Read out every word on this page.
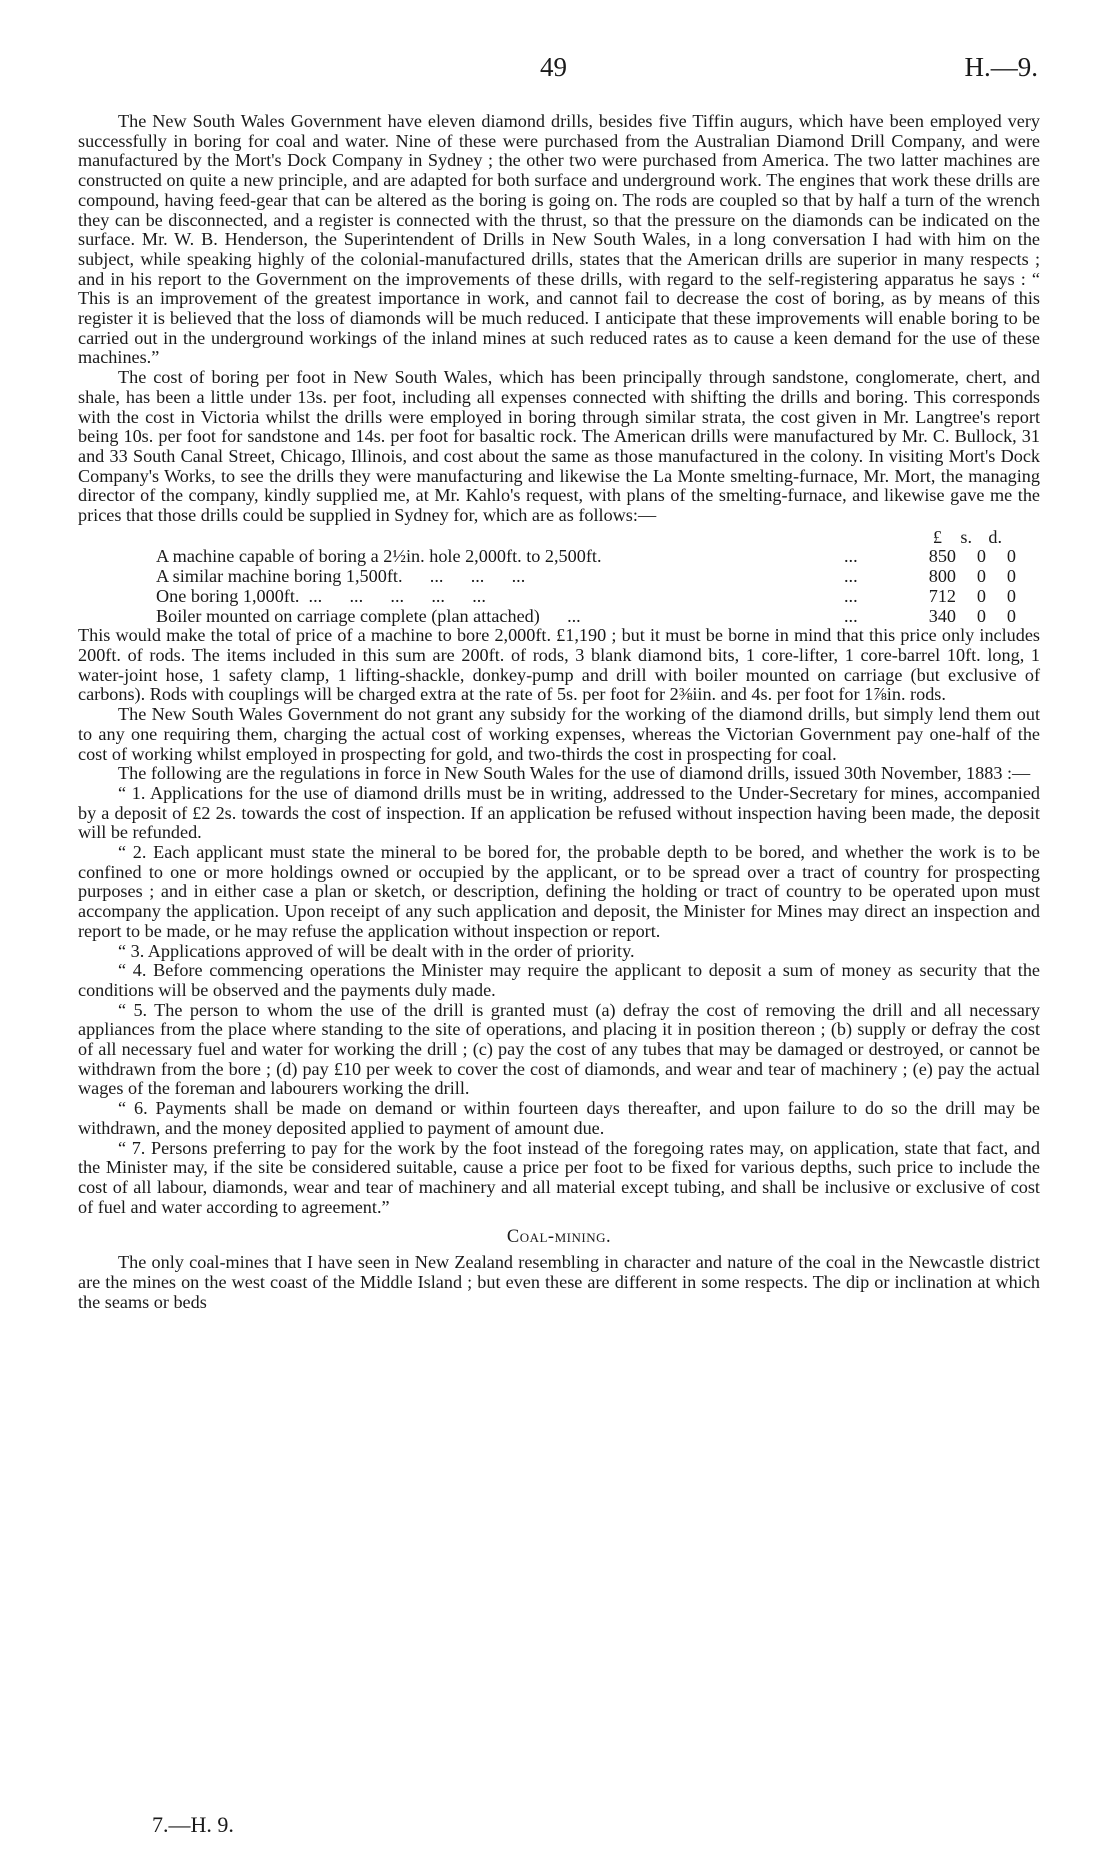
49	H.—9.

The New South Wales Government have eleven diamond drills, besides five Tiffin augurs, which have been employed very successfully in boring for coal and water. Nine of these were purchased from the Australian Diamond Drill Company, and were manufactured by the Mort's Dock Company in Sydney ; the other two were purchased from America. The two latter machines are constructed on quite a new principle, and are adapted for both surface and underground work. The engines that work these drills are compound, having feed-gear that can be altered as the boring is going on. The rods are coupled so that by half a turn of the wrench they can be disconnected, and a register is connected with the thrust, so that the pressure on the diamonds can be indicated on the surface. Mr. W. B. Henderson, the Superintendent of Drills in New South Wales, in a long conversation I had with him on the subject, while speaking highly of the colonial-manufactured drills, states that the American drills are superior in many respects ; and in his report to the Government on the improvements of these drills, with regard to the self-registering apparatus he says : “ This is an improvement of the greatest importance in work, and cannot fail to decrease the cost of boring, as by means of this register it is believed that the loss of diamonds will be much reduced. I anticipate that these improvements will enable boring to be carried out in the underground workings of the inland mines at such reduced rates as to cause a keen demand for the use of these machines.”

The cost of boring per foot in New South Wales, which has been principally through sandstone, conglomerate, chert, and shale, has been a little under 13s. per foot, including all expenses connected with shifting the drills and boring. This corresponds with the cost in Victoria whilst the drills were employed in boring through similar strata, the cost given in Mr. Langtree's report being 10s. per foot for sandstone and 14s. per foot for basaltic rock. The American drills were manufactured by Mr. C. Bullock, 31 and 33 South Canal Street, Chicago, Illinois, and cost about the same as those manufactured in the colony. In visiting Mort's Dock Company's Works, to see the drills they were manufacturing and likewise the La Monte smelting-furnace, Mr. Mort, the managing director of the company, kindly supplied me, at Mr. Kahlo's request, with plans of the smelting-furnace, and likewise gave me the prices that those drills could be supplied in Sydney for, which are as follows:—

£	s. d.
A machine capable of boring a 2½in. hole 2,000ft. to 2,500ft.	...	850	0	0
A similar machine boring 1,500ft.      ...      ...      ...	...	800	0	0
One boring 1,000ft.  ...      ...      ...      ...      ...	...	712	0	0
Boiler mounted on carriage complete (plan attached)      ...	...	340	0	0

This would make the total of price of a machine to bore 2,000ft. £1,190 ; but it must be borne in mind that this price only includes 200ft. of rods. The items included in this sum are 200ft. of rods, 3 blank diamond bits, 1 core-lifter, 1 core-barrel 10ft. long, 1 water-joint hose, 1 safety clamp, 1 lifting-shackle, donkey-pump and drill with boiler mounted on carriage (but exclusive of carbons). Rods with couplings will be charged extra at the rate of 5s. per foot for 2⅜iin. and 4s. per foot for 1⅞in. rods.

The New South Wales Government do not grant any subsidy for the working of the diamond drills, but simply lend them out to any one requiring them, charging the actual cost of working expenses, whereas the Victorian Government pay one-half of the cost of working whilst employed in prospecting for gold, and two-thirds the cost in prospecting for coal.

The following are the regulations in force in New South Wales for the use of diamond drills, issued 30th November, 1883 :—

“ 1. Applications for the use of diamond drills must be in writing, addressed to the Under-Secretary for mines, accompanied by a deposit of £2 2s. towards the cost of inspection. If an application be refused without inspection having been made, the deposit will be refunded.

“ 2. Each applicant must state the mineral to be bored for, the probable depth to be bored, and whether the work is to be confined to one or more holdings owned or occupied by the applicant, or to be spread over a tract of country for prospecting purposes ; and in either case a plan or sketch, or description, defining the holding or tract of country to be operated upon must accompany the application. Upon receipt of any such application and deposit, the Minister for Mines may direct an inspection and report to be made, or he may refuse the application without inspection or report.

“ 3. Applications approved of will be dealt with in the order of priority.

“ 4. Before commencing operations the Minister may require the applicant to deposit a sum of money as security that the conditions will be observed and the payments duly made.

“ 5. The person to whom the use of the drill is granted must (a) defray the cost of removing the drill and all necessary appliances from the place where standing to the site of operations, and placing it in position thereon ; (b) supply or defray the cost of all necessary fuel and water for working the drill ; (c) pay the cost of any tubes that may be damaged or destroyed, or cannot be withdrawn from the bore ; (d) pay £10 per week to cover the cost of diamonds, and wear and tear of machinery ; (e) pay the actual wages of the foreman and labourers working the drill.

“ 6. Payments shall be made on demand or within fourteen days thereafter, and upon failure to do so the drill may be withdrawn, and the money deposited applied to payment of amount due.

“ 7. Persons preferring to pay for the work by the foot instead of the foregoing rates may, on application, state that fact, and the Minister may, if the site be considered suitable, cause a price per foot to be fixed for various depths, such price to include the cost of all labour, diamonds, wear and tear of machinery and all material except tubing, and shall be inclusive or exclusive of cost of fuel and water according to agreement.”

Coal-mining.

The only coal-mines that I have seen in New Zealand resembling in character and nature of the coal in the Newcastle district are the mines on the west coast of the Middle Island ; but even these are different in some respects. The dip or inclination at which the seams or beds

7.—H. 9.
